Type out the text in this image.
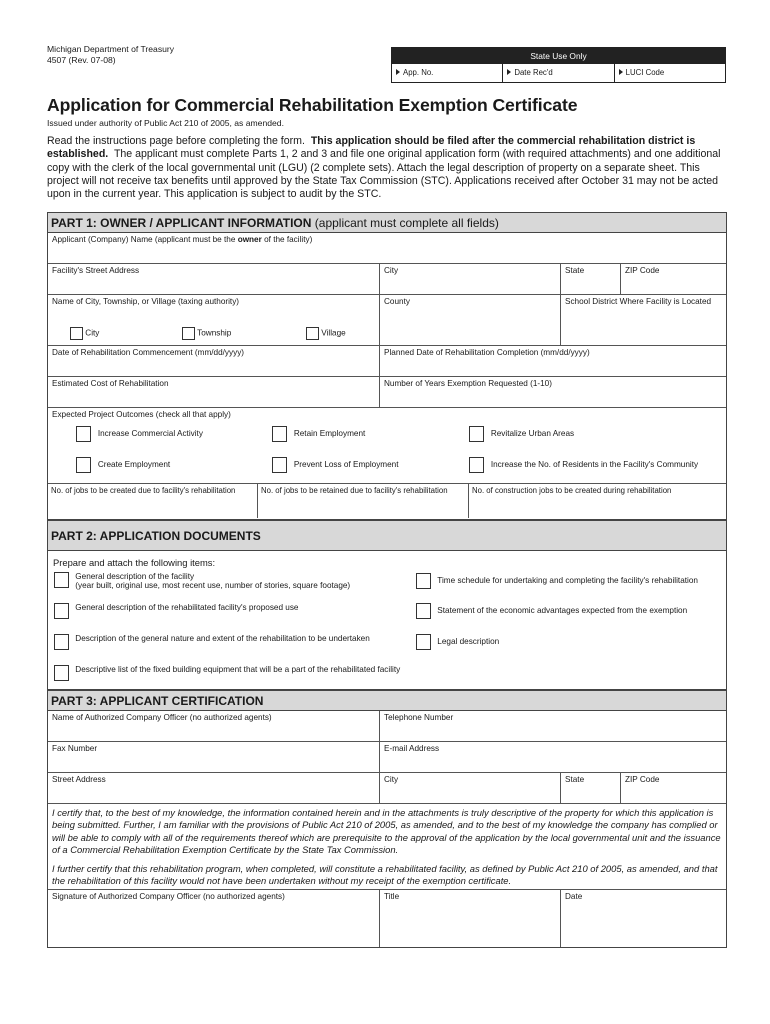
Michigan Department of Treasury
4507 (Rev. 07-08)	State Use Only
App. No.	Date Rec'd	LUCI Code
Application for Commercial Rehabilitation Exemption Certificate
Issued under authority of Public Act 210 of 2005, as amended.
Read the instructions page before completing the form. This application should be filed after the commercial rehabilitation district is established. The applicant must complete Parts 1, 2 and 3 and file one original application form (with required attachments) and one additional copy with the clerk of the local governmental unit (LGU) (2 complete sets). Attach the legal description of property on a separate sheet. This project will not receive tax benefits until approved by the State Tax Commission (STC). Applications received after October 31 may not be acted upon in the current year. This application is subject to audit by the STC.
PART 1: OWNER / APPLICANT INFORMATION (applicant must complete all fields)
Applicant (Company) Name (applicant must be the owner of the facility)
Facility's Street Address	City	State	ZIP Code
Name of City, Township, or Village (taxing authority)
City	Township	Village
County	School District Where Facility is Located
Date of Rehabilitation Commencement (mm/dd/yyyy)	Planned Date of Rehabilitation Completion (mm/dd/yyyy)
Estimated Cost of Rehabilitation	Number of Years Exemption Requested (1-10)
Expected Project Outcomes (check all that apply)
Increase Commercial Activity	Retain Employment	Revitalize Urban Areas
Create Employment	Prevent Loss of Employment	Increase the No. of Residents in the Facility's Community
No. of jobs to be created due to facility's rehabilitation	No. of jobs to be retained due to facility's rehabilitation	No. of construction jobs to be created during rehabilitation
PART 2: APPLICATION DOCUMENTS
Prepare and attach the following items:
General description of the facility
(year built, original use, most recent use, number of stories, square footage)
General description of the rehabilitated facility's proposed use
Description of the general nature and extent of the rehabilitation to be undertaken
Descriptive list of the fixed building equipment that will be a part of the rehabilitated facility
Time schedule for undertaking and completing the facility's rehabilitation
Statement of the economic advantages expected from the exemption
Legal description
PART 3: APPLICANT CERTIFICATION
Name of Authorized Company Officer (no authorized agents)	Telephone Number
Fax Number	E-mail Address
Street Address	City	State	ZIP Code
I certify that, to the best of my knowledge, the information contained herein and in the attachments is truly descriptive of the property for which this application is being submitted. Further, I am familiar with the provisions of Public Act 210 of 2005, as amended, and to the best of my knowledge the company has complied or will be able to comply with all of the requirements thereof which are prerequisite to the approval of the application by the local governmental unit and the issuance of a Commercial Rehabilitation Exemption Certificate by the State Tax Commission.
I further certify that this rehabilitation program, when completed, will constitute a rehabilitated facility, as defined by Public Act 210 of 2005, as amended, and that the rehabilitation of this facility would not have been undertaken without my receipt of the exemption certificate.
Signature of Authorized Company Officer (no authorized agents)	Title	Date
